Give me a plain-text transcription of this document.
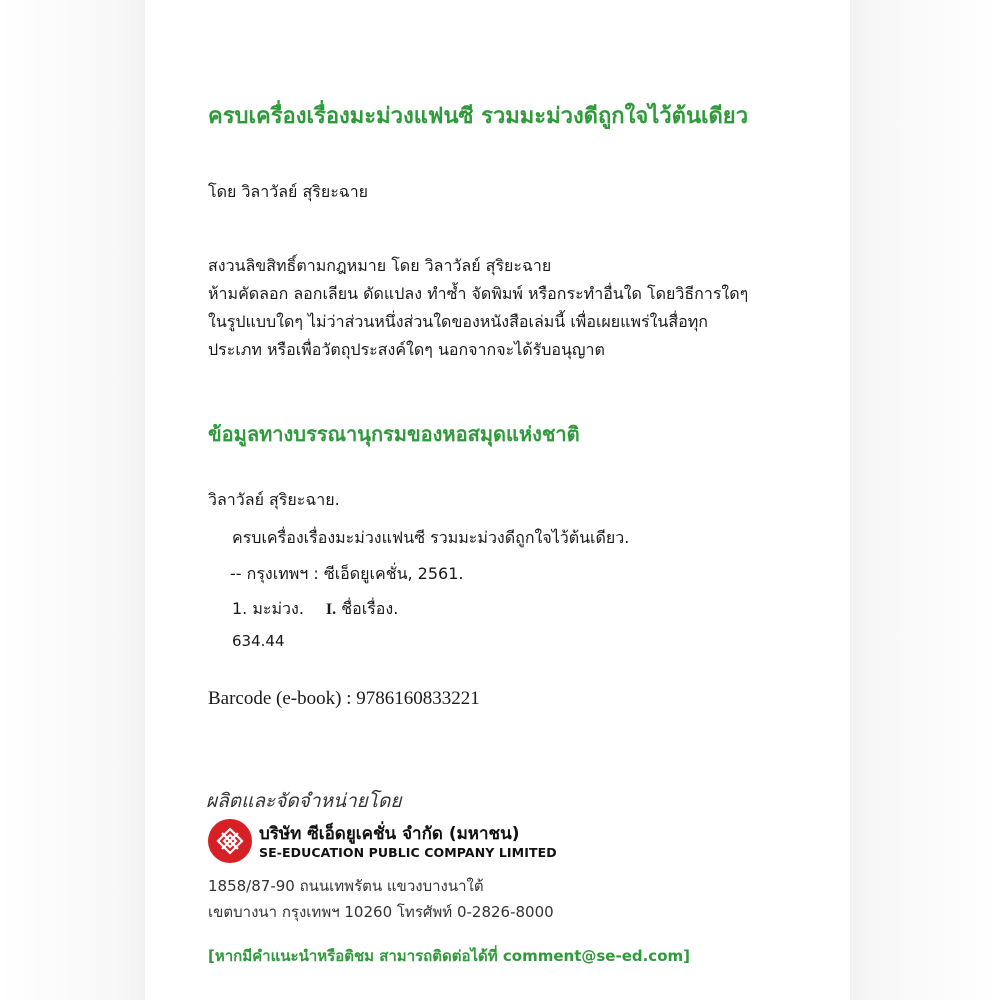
ครบเครื่องเรื่องมะม่วงแฟนซี รวมมะม่วงดีถูกใจไว้ต้นเดียว
โดย วิลาวัลย์ สุริยะฉาย
สงวนลิขสิทธิ์ตามกฎหมาย โดย วิลาวัลย์ สุริยะฉาย
ห้ามคัดลอก ลอกเลียน ดัดแปลง ทำซ้ำ จัดพิมพ์ หรือกระทำอื่นใด โดยวิธีการใดๆ
ในรูปแบบใดๆ ไม่ว่าส่วนหนึ่งส่วนใดของหนังสือเล่มนี้ เพื่อเผยแพร่ในสื่อทุก
ประเภท หรือเพื่อวัตถุประสงค์ใดๆ นอกจากจะได้รับอนุญาต
ข้อมูลทางบรรณานุกรมของหอสมุดแห่งชาติ
วิลาวัลย์ สุริยะฉาย.
ครบเครื่องเรื่องมะม่วงแฟนซี รวมมะม่วงดีถูกใจไว้ต้นเดียว.
-- กรุงเทพฯ : ซีเอ็ดยูเคชั่น, 2561.
1. มะม่วง. I. ชื่อเรื่อง.
634.44
Barcode (e-book) : 9786160833221
ผลิตและจัดจำหน่ายโดย
บริษัท ซีเอ็ดยูเคชั่น จำกัด (มหาชน)
SE-EDUCATION PUBLIC COMPANY LIMITED
1858/87-90 ถนนเทพรัตน แขวงบางนาใต้
เขตบางนา กรุงเทพฯ 10260 โทรศัพท์ 0-2826-8000
[หากมีคำแนะนำหรือติชม สามารถติดต่อได้ที่ comment@se-ed.com]
